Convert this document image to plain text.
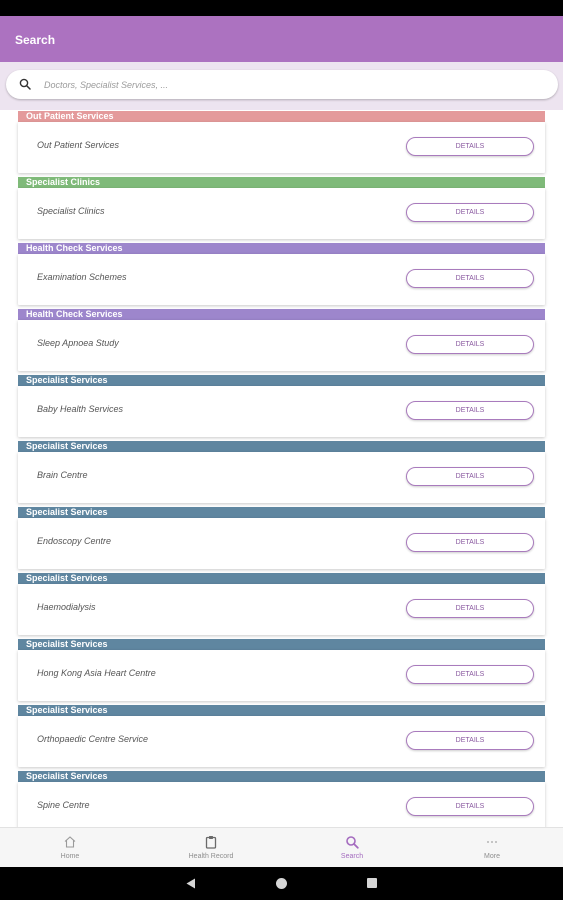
Search
Doctors, Specialist Services, ...
Out Patient Services
Out Patient Services	DETAILS
Specialist Clinics
Specialist Clinics	DETAILS
Health Check Services
Examination Schemes	DETAILS
Health Check Services
Sleep Apnoea Study	DETAILS
Specialist Services
Baby Health Services	DETAILS
Specialist Services
Brain Centre	DETAILS
Specialist Services
Endoscopy Centre	DETAILS
Specialist Services
Haemodialysis	DETAILS
Specialist Services
Hong Kong Asia Heart Centre	DETAILS
Specialist Services
Orthopaedic Centre Service	DETAILS
Specialist Services
Spine Centre	DETAILS
Home	Health Record	Search	More
